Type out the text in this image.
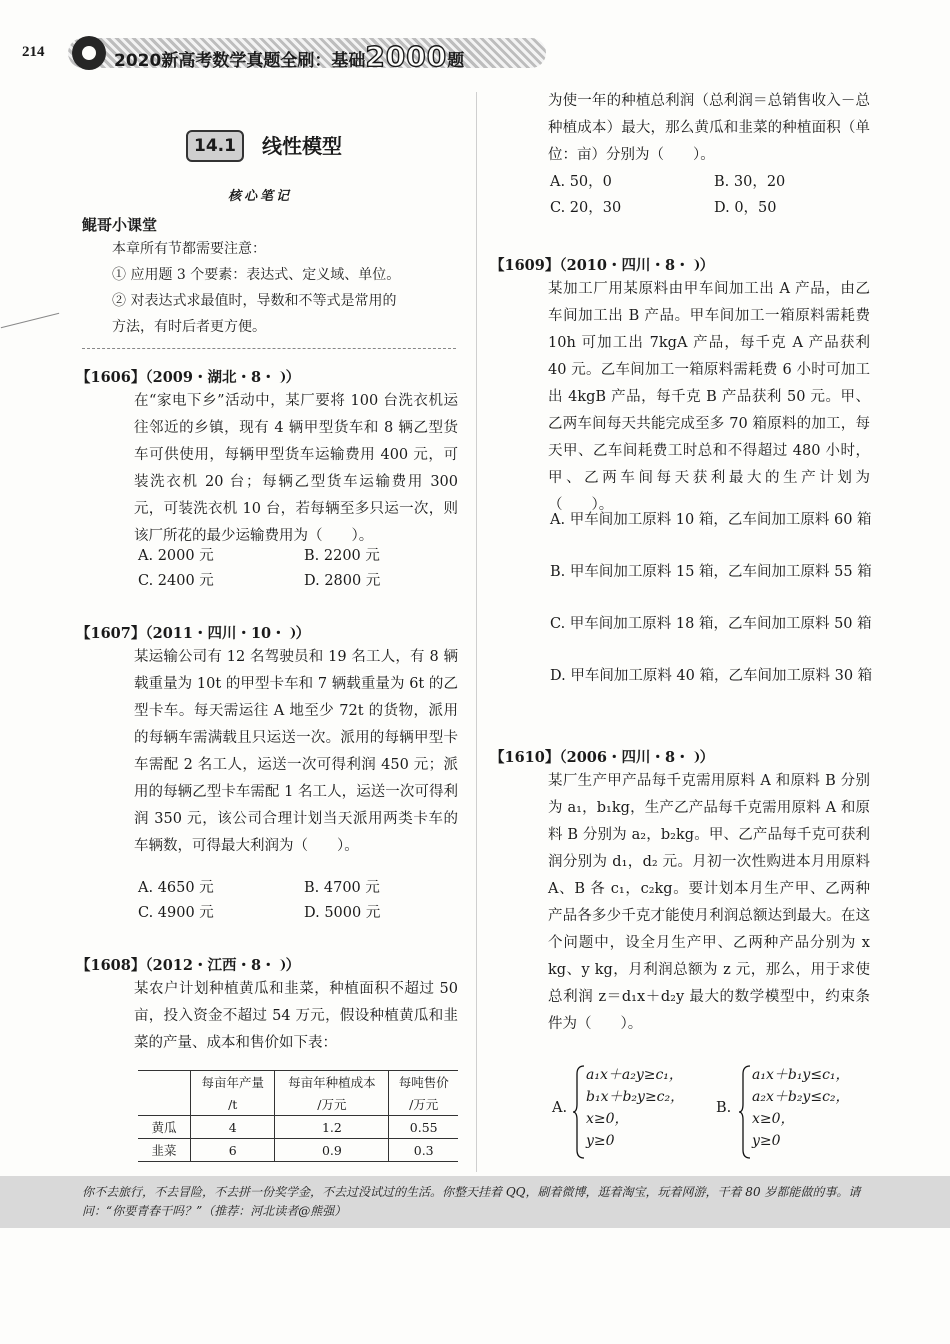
214	2020新高考数学真题全刷：基础2000题
14.1	线性模型
核心笔记
鲲哥小课堂
本章所有节都需要注意：
① 应用题 3 个要素：表达式、定义域、单位。
② 对表达式求最值时，导数和不等式是常用的
方法，有时后者更方便。
【1606】（2009・湖北・8・ ）
在“家电下乡”活动中，某厂要将 100 台洗衣机运往邻近的乡镇，现有 4 辆甲型货车和 8 辆乙型货车可供使用，每辆甲型货车运输费用 400 元，可装洗衣机 20 台；每辆乙型货车运输费用 300 元，可装洗衣机 10 台，若每辆至多只运一次，则该厂所花的最少运输费用为（　　）。
A. 2000 元	B. 2200 元
C. 2400 元	D. 2800 元
【1607】（2011・四川・10・ ）
某运输公司有 12 名驾驶员和 19 名工人，有 8 辆载重量为 10t 的甲型卡车和 7 辆载重量为 6t 的乙型卡车。每天需运往 A 地至少 72t 的货物，派用的每辆车需满载且只运送一次。派用的每辆甲型卡车需配 2 名工人，运送一次可得利润 450 元；派用的每辆乙型卡车需配 1 名工人，运送一次可得利润 350 元，该公司合理计划当天派用两类卡车的车辆数，可得最大利润为（　　）。
A. 4650 元	B. 4700 元
C. 4900 元	D. 5000 元
【1608】（2012・江西・8・ ）
某农户计划种植黄瓜和韭菜，种植面积不超过 50 亩，投入资金不超过 54 万元，假设种植黄瓜和韭菜的产量、成本和售价如下表：
	每亩年产量	每亩年种植成本	每吨售价
	/t	/万元	/万元
黄瓜	4	1.2	0.55
韭菜	6	0.9	0.3
为使一年的种植总利润（总利润＝总销售收入－总种植成本）最大，那么黄瓜和韭菜的种植面积（单位：亩）分别为（　　）。
A. 50，0	B. 30，20
C. 20，30	D. 0，50
【1609】（2010・四川・8・ ）
某加工厂用某原料由甲车间加工出 A 产品，由乙车间加工出 B 产品。甲车间加工一箱原料需耗费 10h 可加工出 7kgA 产品，每千克 A 产品获利 40 元。乙车间加工一箱原料需耗费 6 小时可加工出 4kgB 产品，每千克 B 产品获利 50 元。甲、乙两车间每天共能完成至多 70 箱原料的加工，每天甲、乙车间耗费工时总和不得超过 480 小时，甲、乙两车间每天获利最大的生产计划为（　　）。
A. 甲车间加工原料 10 箱，乙车间加工原料 60 箱
B. 甲车间加工原料 15 箱，乙车间加工原料 55 箱
C. 甲车间加工原料 18 箱，乙车间加工原料 50 箱
D. 甲车间加工原料 40 箱，乙车间加工原料 30 箱
【1610】（2006・四川・8・ ）
某厂生产甲产品每千克需用原料 A 和原料 B 分别为 a₁，b₁kg，生产乙产品每千克需用原料 A 和原料 B 分别为 a₂，b₂kg。甲、乙产品每千克可获利润分别为 d₁，d₂ 元。月初一次性购进本月用原料 A、B 各 c₁，c₂kg。要计划本月生产甲、乙两种产品各多少千克才能使月利润总额达到最大。在这个问题中，设全月生产甲、乙两种产品分别为 x kg、y kg，月利润总额为 z 元，那么，用于求使总利润 z＝d₁x＋d₂y 最大的数学模型中，约束条件为（　　）。
A.
a₁x＋a₂y≥c₁，
b₁x＋b₂y≥c₂，
x≥0，
y≥0
B.
a₁x＋b₁y≤c₁，
a₂x＋b₂y≤c₂，
x≥0，
y≥0
你不去旅行，不去冒险，不去拼一份奖学金，不去过没试过的生活。你整天挂着 QQ，刷着微博，逛着淘宝，玩着网游，干着 80 岁都能做的事。请问：“你要青春干吗？”（推荐：河北读者@熊强）
